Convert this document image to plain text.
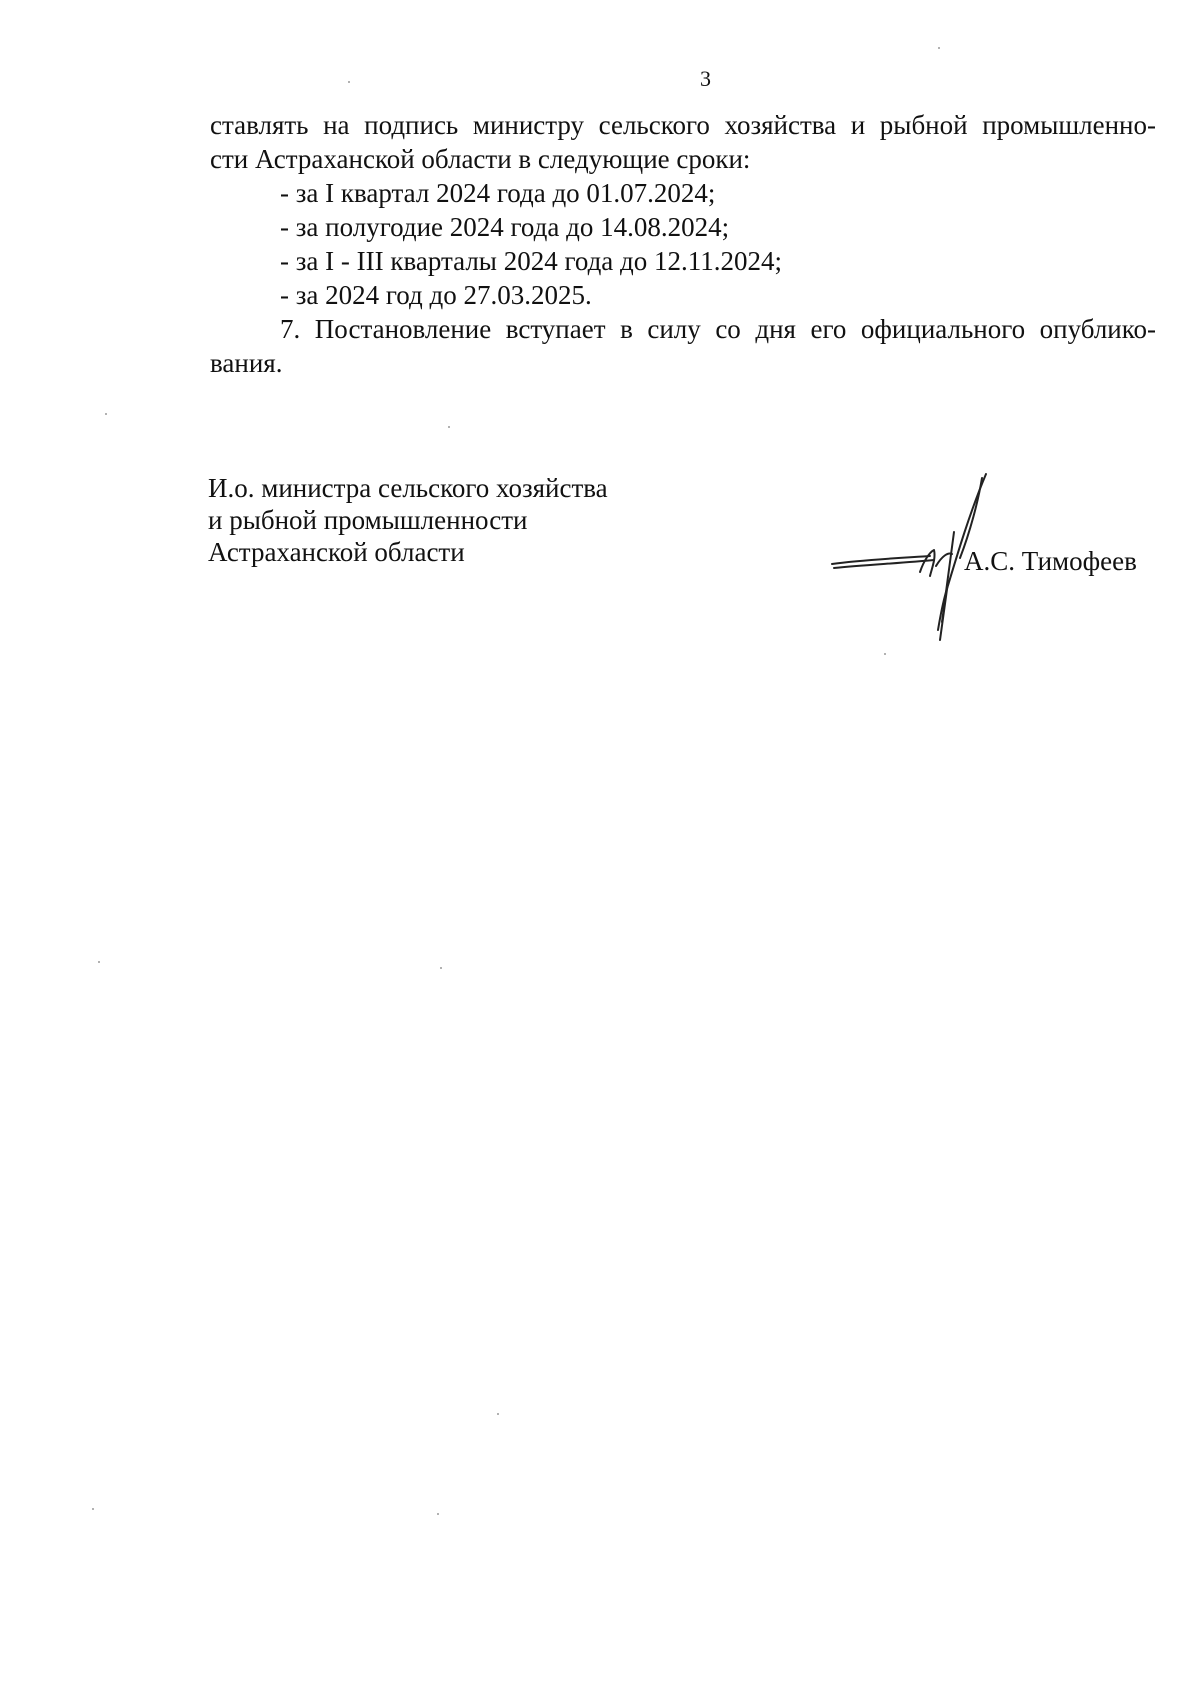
3
ставлять на подпись министру сельского хозяйства и рыбной промышленно-
сти Астраханской области в следующие сроки:
- за I квартал 2024 года до 01.07.2024;
- за полугодие 2024 года до 14.08.2024;
- за I - III кварталы 2024 года до 12.11.2024;
- за 2024 год до 27.03.2025.
7. Постановление вступает в силу со дня его официального опублико-
вания.
И.о. министра сельского хозяйства
и рыбной промышленности
Астраханской области	А.С. Тимофеев
